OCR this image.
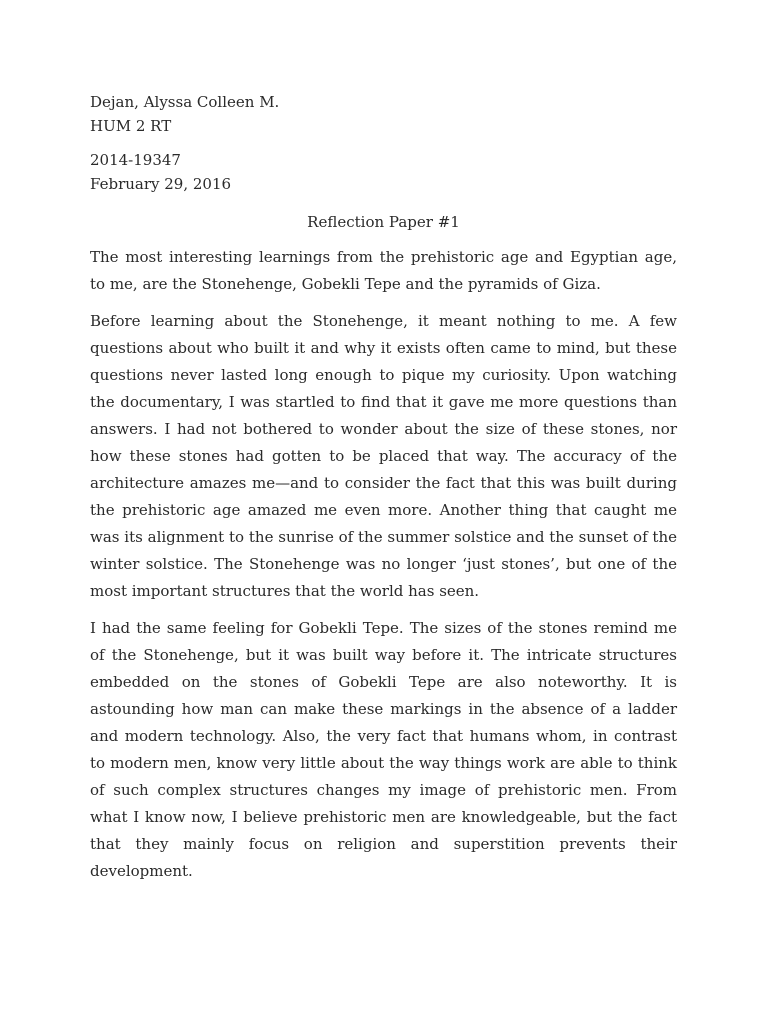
Dejan, Alyssa Colleen M.

HUM 2 RT

2014-19347

February 29, 2016

Reflection Paper #1

The most interesting learnings from the prehistoric age and Egyptian age, to me, are the Stonehenge, Gobekli Tepe and the pyramids of Giza.

Before learning about the Stonehenge, it meant nothing to me. A few questions about who built it and why it exists often came to mind, but these questions never lasted long enough to pique my curiosity. Upon watching the documentary, I was startled to find that it gave me more questions than answers. I had not bothered to wonder about the size of these stones, nor how these stones had gotten to be placed that way. The accuracy of the architecture amazes me—and to consider the fact that this was built during the prehistoric age amazed me even more. Another thing that caught me was its alignment to the sunrise of the summer solstice and the sunset of the winter solstice. The Stonehenge was no longer ‘just stones’, but one of the most important structures that the world has seen.

I had the same feeling for Gobekli Tepe. The sizes of the stones remind me of the Stonehenge, but it was built way before it. The intricate structures embedded on the stones of Gobekli Tepe are also noteworthy. It is astounding how man can make these markings in the absence of a ladder and modern technology. Also, the very fact that humans whom, in contrast to modern men, know very little about the way things work are able to think of such complex structures changes my image of prehistoric men. From what I know now, I believe prehistoric men are knowledgeable, but the fact that they mainly focus on religion and superstition prevents their development.
